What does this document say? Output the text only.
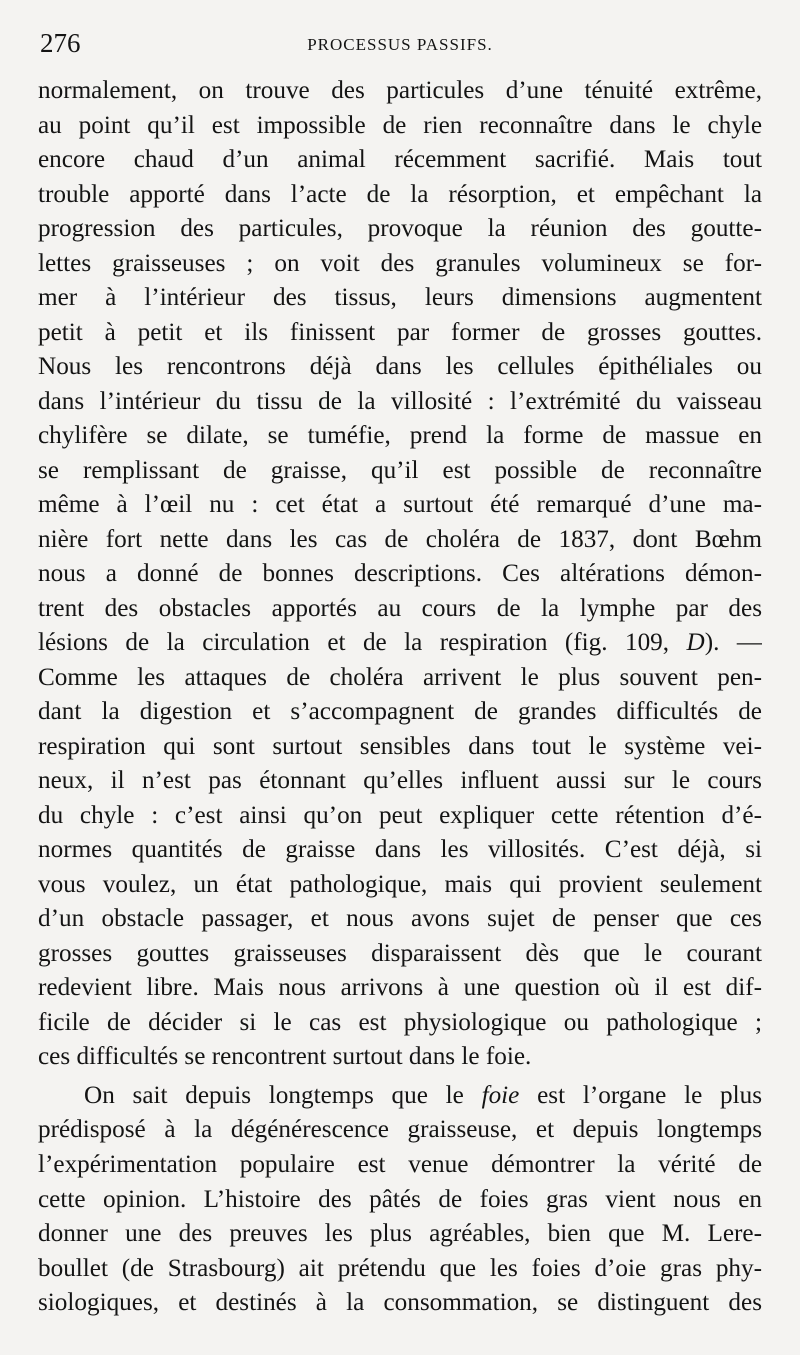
276	PROCESSUS PASSIFS.
normalement, on trouve des particules d’une ténuité extrême,
au point qu’il est impossible de rien reconnaître dans le chyle
encore chaud d’un animal récemment sacrifié. Mais tout
trouble apporté dans l’acte de la résorption, et empêchant la
progression des particules, provoque la réunion des goutte-
lettes graisseuses ; on voit des granules volumineux se for-
mer à l’intérieur des tissus, leurs dimensions augmentent
petit à petit et ils finissent par former de grosses gouttes.
Nous les rencontrons déjà dans les cellules épithéliales ou
dans l’intérieur du tissu de la villosité : l’extrémité du vaisseau
chylifère se dilate, se tuméfie, prend la forme de massue en
se remplissant de graisse, qu’il est possible de reconnaître
même à l’œil nu : cet état a surtout été remarqué d’une ma-
nière fort nette dans les cas de choléra de 1837, dont Bœhm
nous a donné de bonnes descriptions. Ces altérations démon-
trent des obstacles apportés au cours de la lymphe par des
lésions de la circulation et de la respiration (fig. 109, D). —
Comme les attaques de choléra arrivent le plus souvent pen-
dant la digestion et s’accompagnent de grandes difficultés de
respiration qui sont surtout sensibles dans tout le système vei-
neux, il n’est pas étonnant qu’elles influent aussi sur le cours
du chyle : c’est ainsi qu’on peut expliquer cette rétention d’é-
normes quantités de graisse dans les villosités. C’est déjà, si
vous voulez, un état pathologique, mais qui provient seulement
d’un obstacle passager, et nous avons sujet de penser que ces
grosses gouttes graisseuses disparaissent dès que le courant
redevient libre. Mais nous arrivons à une question où il est dif-
ficile de décider si le cas est physiologique ou pathologique ;
ces difficultés se rencontrent surtout dans le foie.
On sait depuis longtemps que le foie est l’organe le plus
prédisposé à la dégénérescence graisseuse, et depuis longtemps
l’expérimentation populaire est venue démontrer la vérité de
cette opinion. L’histoire des pâtés de foies gras vient nous en
donner une des preuves les plus agréables, bien que M. Lere-
boullet (de Strasbourg) ait prétendu que les foies d’oie gras phy-
siologiques, et destinés à la consommation, se distinguent des
